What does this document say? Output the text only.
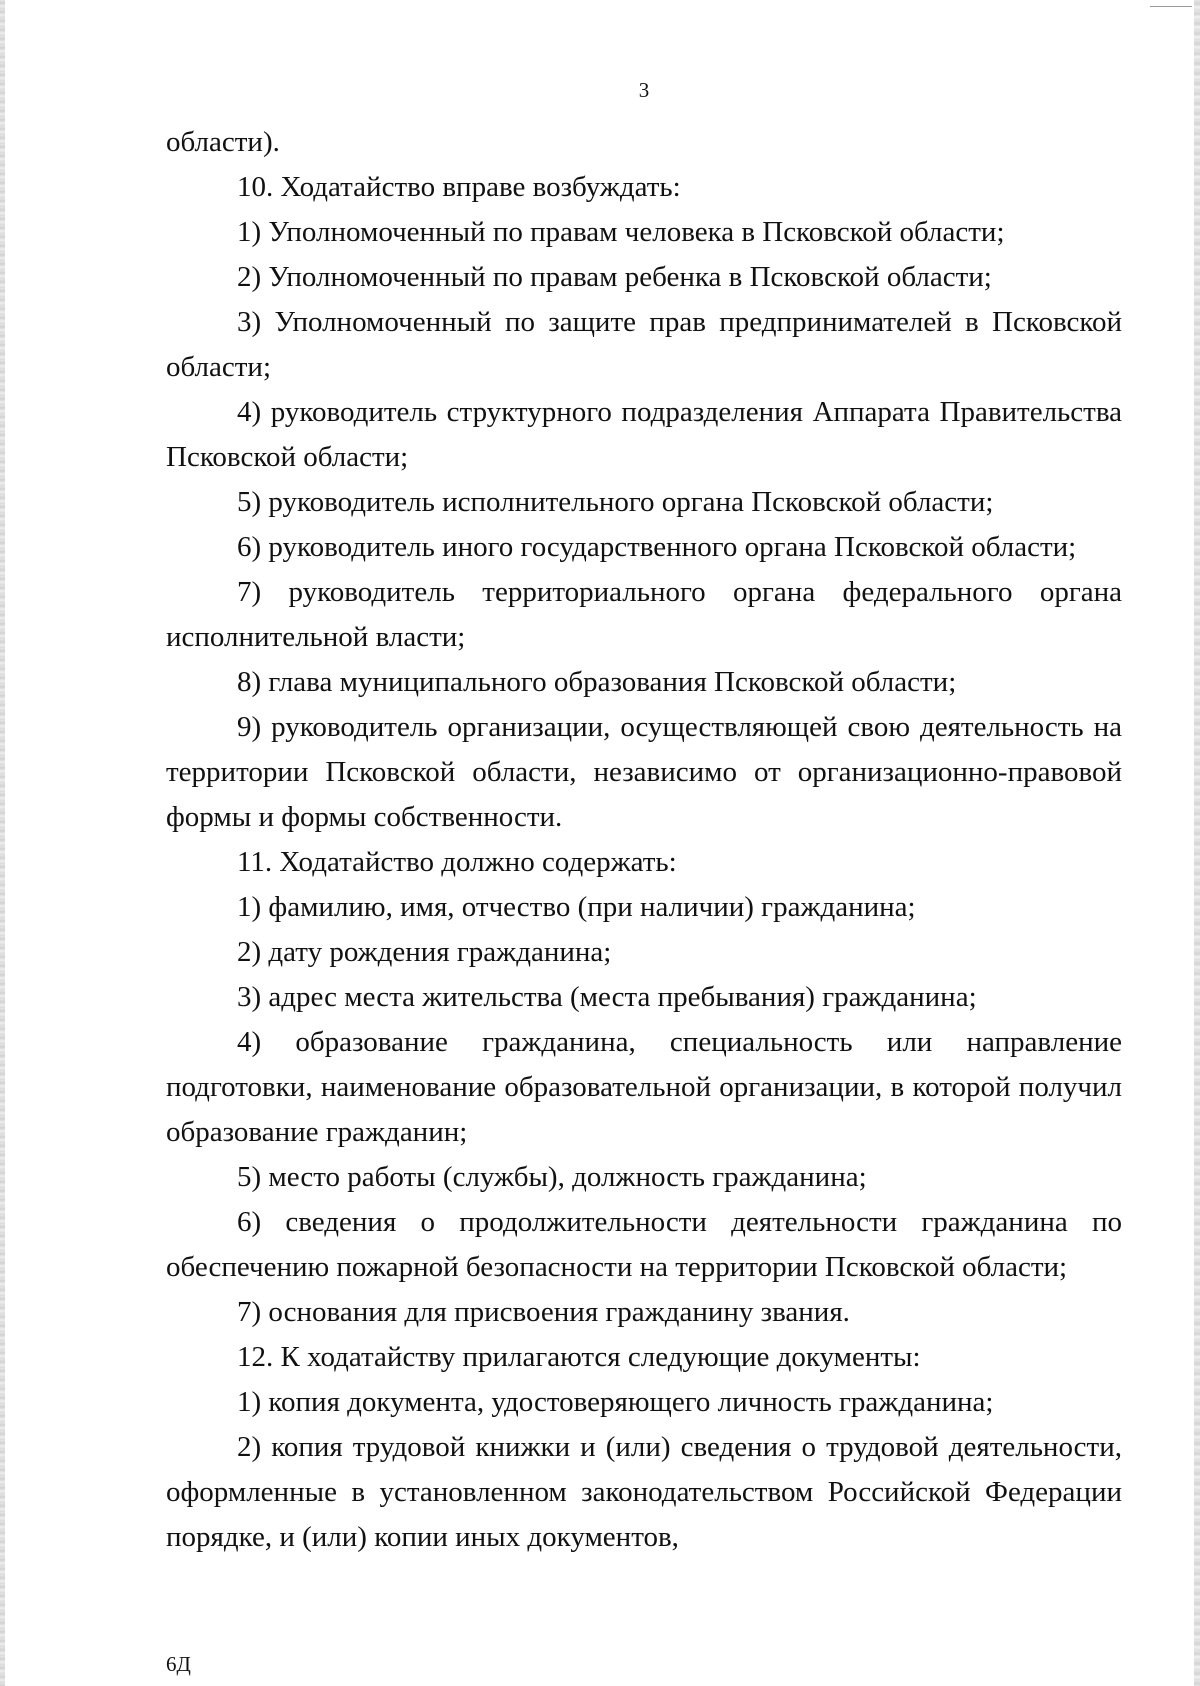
3

области).

10. Ходатайство вправе возбуждать:

1) Уполномоченный по правам человека в Псковской области;

2) Уполномоченный по правам ребенка в Псковской области;

3) Уполномоченный по защите прав предпринимателей в Псковской области;

4) руководитель структурного подразделения Аппарата Правительства Псковской области;

5) руководитель исполнительного органа Псковской области;

6) руководитель иного государственного органа Псковской области;

7) руководитель территориального органа федерального органа исполнительной власти;

8) глава муниципального образования Псковской области;

9) руководитель организации, осуществляющей свою деятельность на территории Псковской области, независимо от организационно-правовой формы и формы собственности.

11. Ходатайство должно содержать:

1) фамилию, имя, отчество (при наличии) гражданина;

2) дату рождения гражданина;

3) адрес места жительства (места пребывания) гражданина;

4) образование гражданина, специальность или направление подготовки, наименование образовательной организации, в которой получил образование гражданин;

5) место работы (службы), должность гражданина;

6) сведения о продолжительности деятельности гражданина по обеспечению пожарной безопасности на территории Псковской области;

7) основания для присвоения гражданину звания.

12. К ходатайству прилагаются следующие документы:

1) копия документа, удостоверяющего личность гражданина;

2) копия трудовой книжки и (или) сведения о трудовой деятельности, оформленные в установленном законодательством Российской Федерации порядке, и (или) копии иных документов,

6Д
